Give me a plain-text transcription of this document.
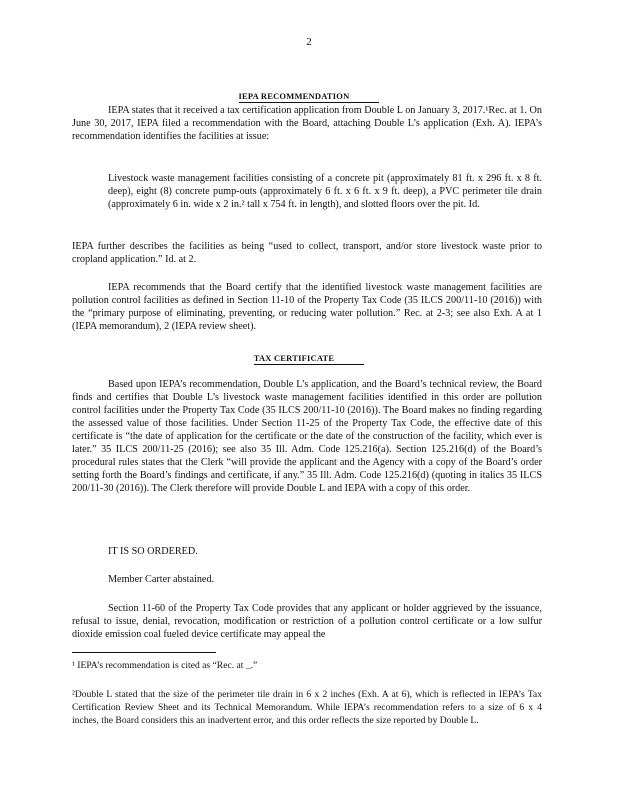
2
IEPA RECOMMENDATION

IEPA states that it received a tax certification application from Double L on January 3, 2017.¹Rec. at 1. On June 30, 2017, IEPA filed a recommendation with the Board, attaching Double L’s application (Exh. A). IEPA’s recommendation identifies the facilities at issue:

Livestock waste management facilities consisting of a concrete pit (approximately 81 ft. x 296 ft. x 8 ft. deep), eight (8) concrete pump-outs (approximately 6 ft. x 6 ft. x 9 ft. deep), a PVC perimeter tile drain (approximately 6 in. wide x 2 in.² tall x 754 ft. in length), and slotted floors over the pit. Id.

IEPA further describes the facilities as being “used to collect, transport, and/or store livestock waste prior to cropland application.” Id. at 2.

IEPA recommends that the Board certify that the identified livestock waste management facilities are pollution control facilities as defined in Section 11-10 of the Property Tax Code (35 ILCS 200/11-10 (2016)) with the “primary purpose of eliminating, preventing, or reducing water pollution.” Rec. at 2-3; see also Exh. A at 1 (IEPA memorandum), 2 (IEPA review sheet).

TAX CERTIFICATE

Based upon IEPA’s recommendation, Double L’s application, and the Board’s technical review, the Board finds and certifies that Double L’s livestock waste management facilities identified in this order are pollution control facilities under the Property Tax Code (35 ILCS 200/11-10 (2016)). The Board makes no finding regarding the assessed value of those facilities. Under Section 11-25 of the Property Tax Code, the effective date of this certificate is “the date of application for the certificate or the date of the construction of the facility, which ever is later.” 35 ILCS 200/11-25 (2016); see also 35 Ill. Adm. Code 125.216(a). Section 125.216(d) of the Board’s procedural rules states that the Clerk “will provide the applicant and the Agency with a copy of the Board’s order setting forth the Board’s findings and certificate, if any.” 35 Ill. Adm. Code 125.216(d) (quoting in italics 35 ILCS 200/11-30 (2016)). The Clerk therefore will provide Double L and IEPA with a copy of this order.

IT IS SO ORDERED.

Member Carter abstained.

Section 11-60 of the Property Tax Code provides that any applicant or holder aggrieved by the issuance, refusal to issue, denial, revocation, modification or restriction of a pollution control certificate or a low sulfur dioxide emission coal fueled device certificate may appeal the

¹ IEPA’s recommendation is cited as “Rec. at _.”

²Double L stated that the size of the perimeter tile drain in 6 x 2 inches (Exh. A at 6), which is reflected in IEPA’s Tax Certification Review Sheet and its Technical Memorandum. While IEPA’s recommendation refers to a size of 6 x 4 inches, the Board considers this an inadvertent error, and this order reflects the size reported by Double L.
